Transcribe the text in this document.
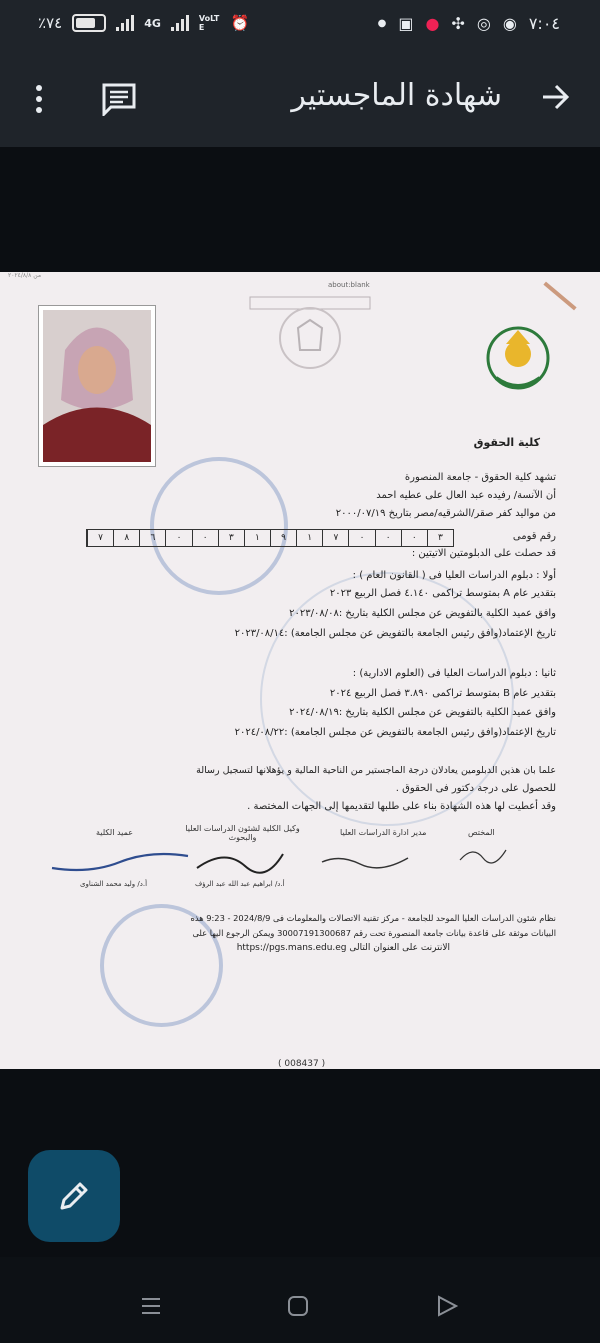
٪٧٤	4G	VoLTE	⏰	● ▣ ● ✣ ◎ ◉ ٧:٠٤
شهادة الماجستير
من ٢٠٢٤/٨/٨
about:blank
كلية الحقوق
تشهد كلية الحقوق - جامعة المنصورة
أن الآنسة/ رفيده عبد العال على عطيه احمد
من مواليد كفر صقر/الشرقيه/مصر بتاريخ ٢٠٠٠/٠٧/١٩
رقم قومى
٣
٠
٠
٠
٧
١
٩
١
٣
٠
٠
٦
٨
٧
قد حصلت على الدبلومتين الاتيتين :
أولا : دبلوم الدراسات العليا فى ( القانون العام ) :
بتقدير عام A بمتوسط تراكمى ٤.١٤٠ فصل الربيع ٢٠٢٣
وافق عميد الكلية بالتفويض عن مجلس الكلية بتاريخ :٢٠٢٣/٠٨/٠٨
تاريخ الإعتماد(وافق رئيس الجامعة بالتفويض عن مجلس الجامعة) :٢٠٢٣/٠٨/١٤
ثانيا : دبلوم الدراسات العليا فى (العلوم الادارية) :
بتقدير عام B بمتوسط تراكمى ٣.٨٩٠ فصل الربيع ٢٠٢٤
وافق عميد الكلية بالتفويض عن مجلس الكلية بتاريخ :٢٠٢٤/٠٨/١٩
تاريخ الإعتماد(وافق رئيس الجامعة بالتفويض عن مجلس الجامعة) :٢٠٢٤/٠٨/٢٢
علما بان هذين الدبلومين يعادلان درجة الماجستير من الناحية المالية و يؤهلانها لتسجيل رسالة
للحصول على درجة دكتور فى الحقوق .
وقد أعطيت لها هذه الشهادة بناء على طلبها لتقديمها إلى الجهات المختصة .
المختص
مدير ادارة الدراسات العليا
وكيل الكلية لشئون الدراسات العليا والبحوث
عميد الكلية
أ.د/ ابراهيم عبد الله عبد الرؤف
أ.د/ وليد محمد الشناوى
نظام شئون الدراسات العليا الموحد للجامعة - مركز تقنية الاتصالات والمعلومات فى 2024/8/9 - 9:23 هذه
البيانات موثقة على قاعدة بيانات جامعة المنصورة تحت رقم 30007191300687 ويمكن الرجوع اليها على
الانترنت على العنوان التالى https://pgs.mans.edu.eg
( 008437 )
